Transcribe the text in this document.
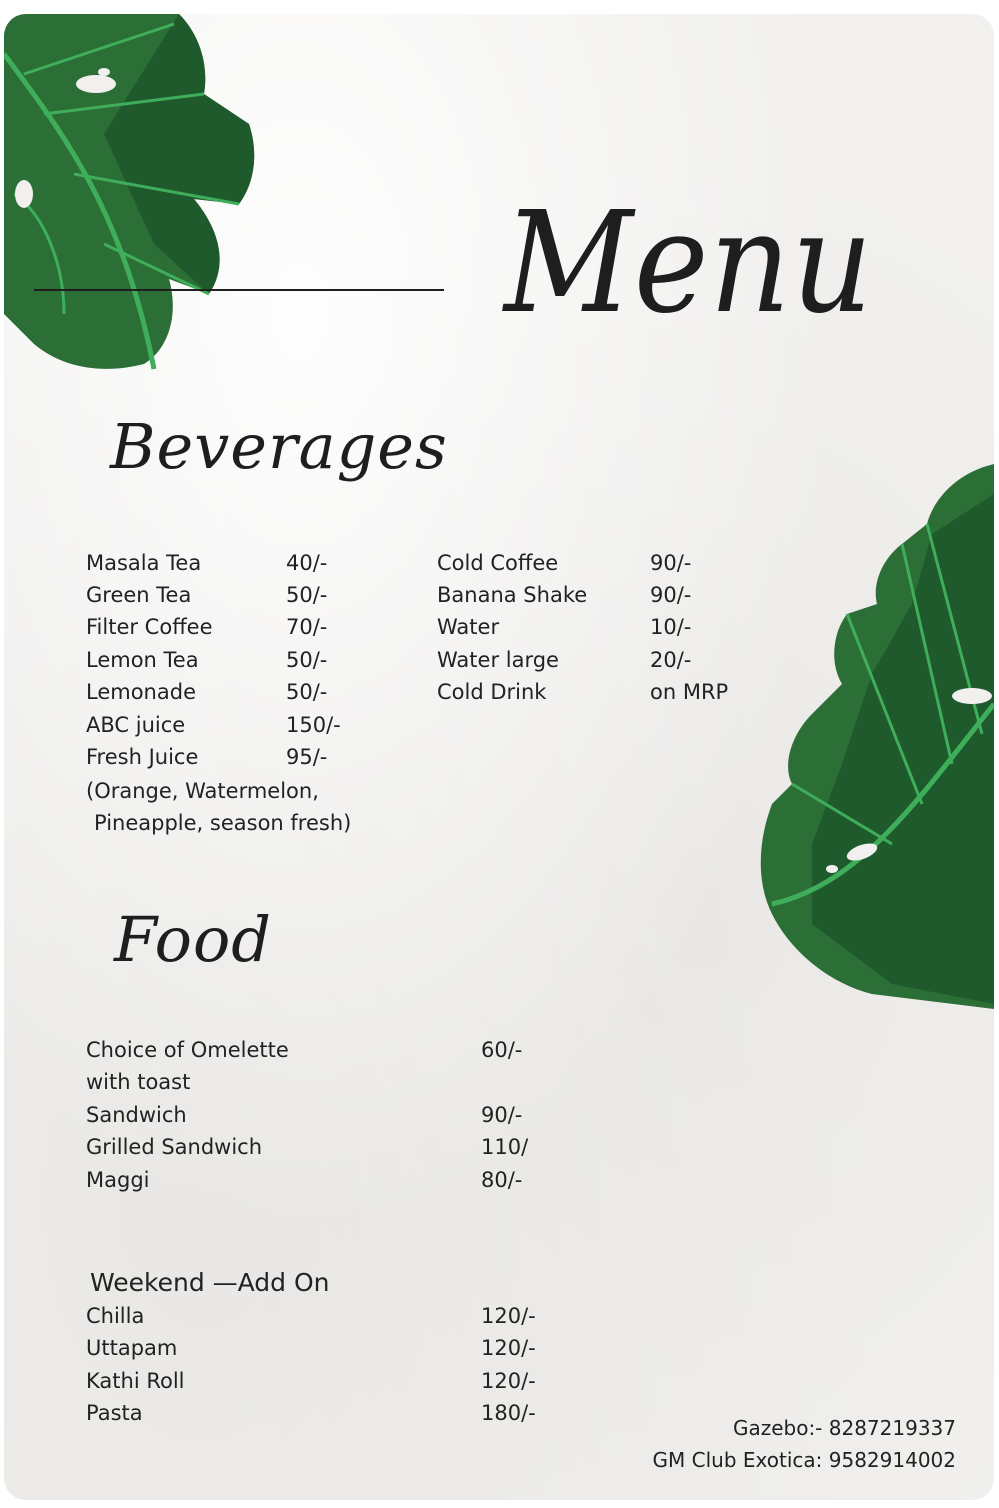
Menu
Beverages
Masala Tea	40/-
Green Tea	50/-
Filter Coffee	70/-
Lemon Tea	50/-
Lemonade	50/-
ABC juice	150/-
Fresh Juice	95/-
(Orange, Watermelon,
Pineapple, season fresh)
Cold Coffee	90/-
Banana Shake	90/-
Water	10/-
Water large	20/-
Cold Drink	on MRP
Food
Choice of Omelette	60/-
with toast
Sandwich	90/-
Grilled Sandwich	110/
Maggi	80/-
Weekend —Add On
Chilla	120/-
Uttapam	120/-
Kathi Roll	120/-
Pasta	180/-
Gazebo:- 8287219337
GM Club Exotica: 9582914002
